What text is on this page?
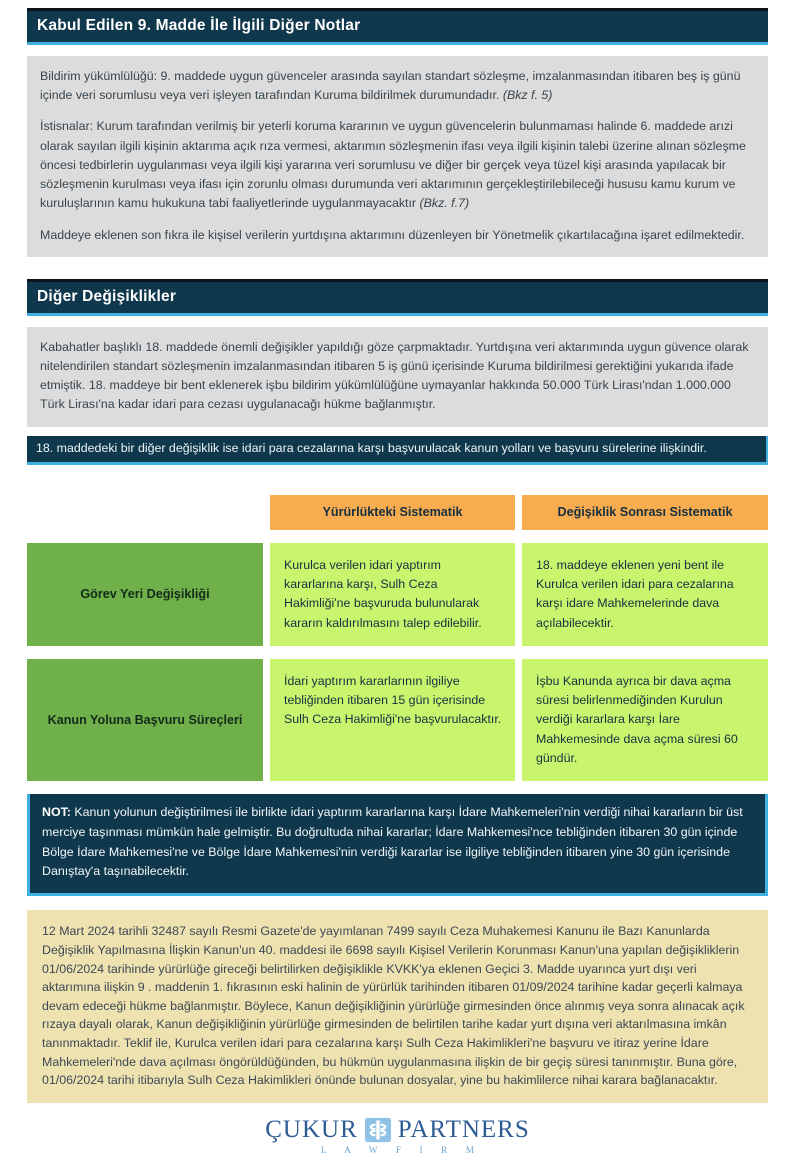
Kabul Edilen 9. Madde İle İlgili Diğer Notlar

Bildirim yükümlülüğü: 9. maddede uygun güvenceler arasında sayılan standart sözleşme, imzalanmasından itibaren beş iş günü içinde veri sorumlusu veya veri işleyen tarafından Kuruma bildirilmek durumundadır. (Bkz f. 5)

İstisnalar: Kurum tarafından verilmiş bir yeterli koruma kararının ve uygun güvencelerin bulunmaması halinde 6. maddede arızi olarak sayılan ilgili kişinin aktarıma açık rıza vermesi, aktarımın sözleşmenin ifası veya ilgili kişinin talebi üzerine alınan sözleşme öncesi tedbirlerin uygulanması veya ilgili kişi yararına veri sorumlusu ve diğer bir gerçek veya tüzel kişi arasında yapılacak bir sözleşmenin kurulması veya ifası için zorunlu olması durumunda veri aktarımının gerçekleştirilebileceği hususu kamu kurum ve kuruluşlarının kamu hukukuna tabi faaliyetlerinde uygulanmayacaktır (Bkz. f.7)

Maddeye eklenen son fıkra ile kişisel verilerin yurtdışına aktarımını düzenleyen bir Yönetmelik çıkartılacağına işaret edilmektedir.

Diğer Değişiklikler

Kabahatler başlıklı 18. maddede önemli değişikler yapıldığı göze çarpmaktadır. Yurtdışına veri aktarımında uygun güvence olarak nitelendirilen standart sözleşmenin imzalanmasından itibaren 5 iş günü içerisinde Kuruma bildirilmesi gerektiğini yukarıda ifade etmiştik. 18. maddeye bir bent eklenerek işbu bildirim yükümlülüğüne uymayanlar hakkında 50.000 Türk Lirası'ndan 1.000.000 Türk Lirası'na kadar idari para cezası uygulanacağı hükme bağlanmıştır.

18. maddedeki bir diğer değişiklik ise idari para cezalarına karşı başvurulacak kanun yolları ve başvuru sürelerine ilişkindir.
Yürürlükteki Sistematik	Değişiklik Sonrası Sistematik
Görev Yeri Değişikliği
Kurulca verilen idari yaptırım kararlarına karşı, Sulh Ceza Hakimliği'ne başvuruda bulunularak kararın kaldırılmasını talep edilebilir.
18. maddeye eklenen yeni bent ile Kurulca verilen idari para cezalarına karşı idare Mahkemelerinde dava açılabilecektir.
Kanun Yoluna Başvuru Süreçleri
İdari yaptırım kararlarının ilgiliye tebliğinden itibaren 15 gün içerisinde Sulh Ceza Hakimliği'ne başvurulacaktır.
İşbu Kanunda ayrıca bir dava açma süresi belirlenmediğinden Kurulun verdiği kararlara karşı İare Mahkemesinde dava açma süresi 60 gündür.
NOT: Kanun yolunun değiştirilmesi ile birlikte idari yaptırım kararlarına karşı İdare Mahkemeleri'nin verdiği nihai kararların bir üst merciye taşınması mümkün hale gelmiştir. Bu doğrultuda nihai kararlar; İdare Mahkemesi'nce tebliğinden itibaren 30 gün içinde Bölge İdare Mahkemesi'ne ve Bölge İdare Mahkemesi'nin verdiği kararlar ise ilgiliye tebliğinden itibaren yine 30 gün içerisinde Danıştay'a taşınabilecektir.

12 Mart 2024 tarihli 32487 sayılı Resmi Gazete'de yayımlanan 7499 sayılı Ceza Muhakemesi Kanunu ile Bazı Kanunlarda Değişiklik Yapılmasına İlişkin Kanun'un 40. maddesi ile 6698 sayılı Kişisel Verilerin Korunması Kanun'una yapılan değişikliklerin 01/06/2024 tarihinde yürürlüğe gireceği belirtilirken değişiklikle KVKK'ya eklenen Geçici 3. Madde uyarınca yurt dışı veri aktarımına ilişkin 9 . maddenin 1. fıkrasının eski halinin de yürürlük tarihinden itibaren 01/09/2024 tarihine kadar geçerli kalmaya devam edeceği hükme bağlanmıştır. Böylece, Kanun değişikliğinin yürürlüğe girmesinden önce alınmış veya sonra alınacak açık rızaya dayalı olarak, Kanun değişikliğinin yürürlüğe girmesinden de belirtilen tarihe kadar yurt dışına veri aktarılmasına imkân tanınmaktadır. Teklif ile, Kurulca verilen idari para cezalarına karşı Sulh Ceza Hakimlikleri'ne başvuru ve itiraz yerine İdare Mahkemeleri'nde dava açılması öngörüldüğünden, bu hükmün uygulanmasına ilişkin de bir geçiş süresi tanınmıştır. Buna göre, 01/06/2024 tarihi itibarıyla Sulh Ceza Hakimlikleri önünde bulunan dosyalar, yine bu hakimlilerce nihai karara bağlanacaktır.

ÇUKUR PARTNERS
L A W F I R M
